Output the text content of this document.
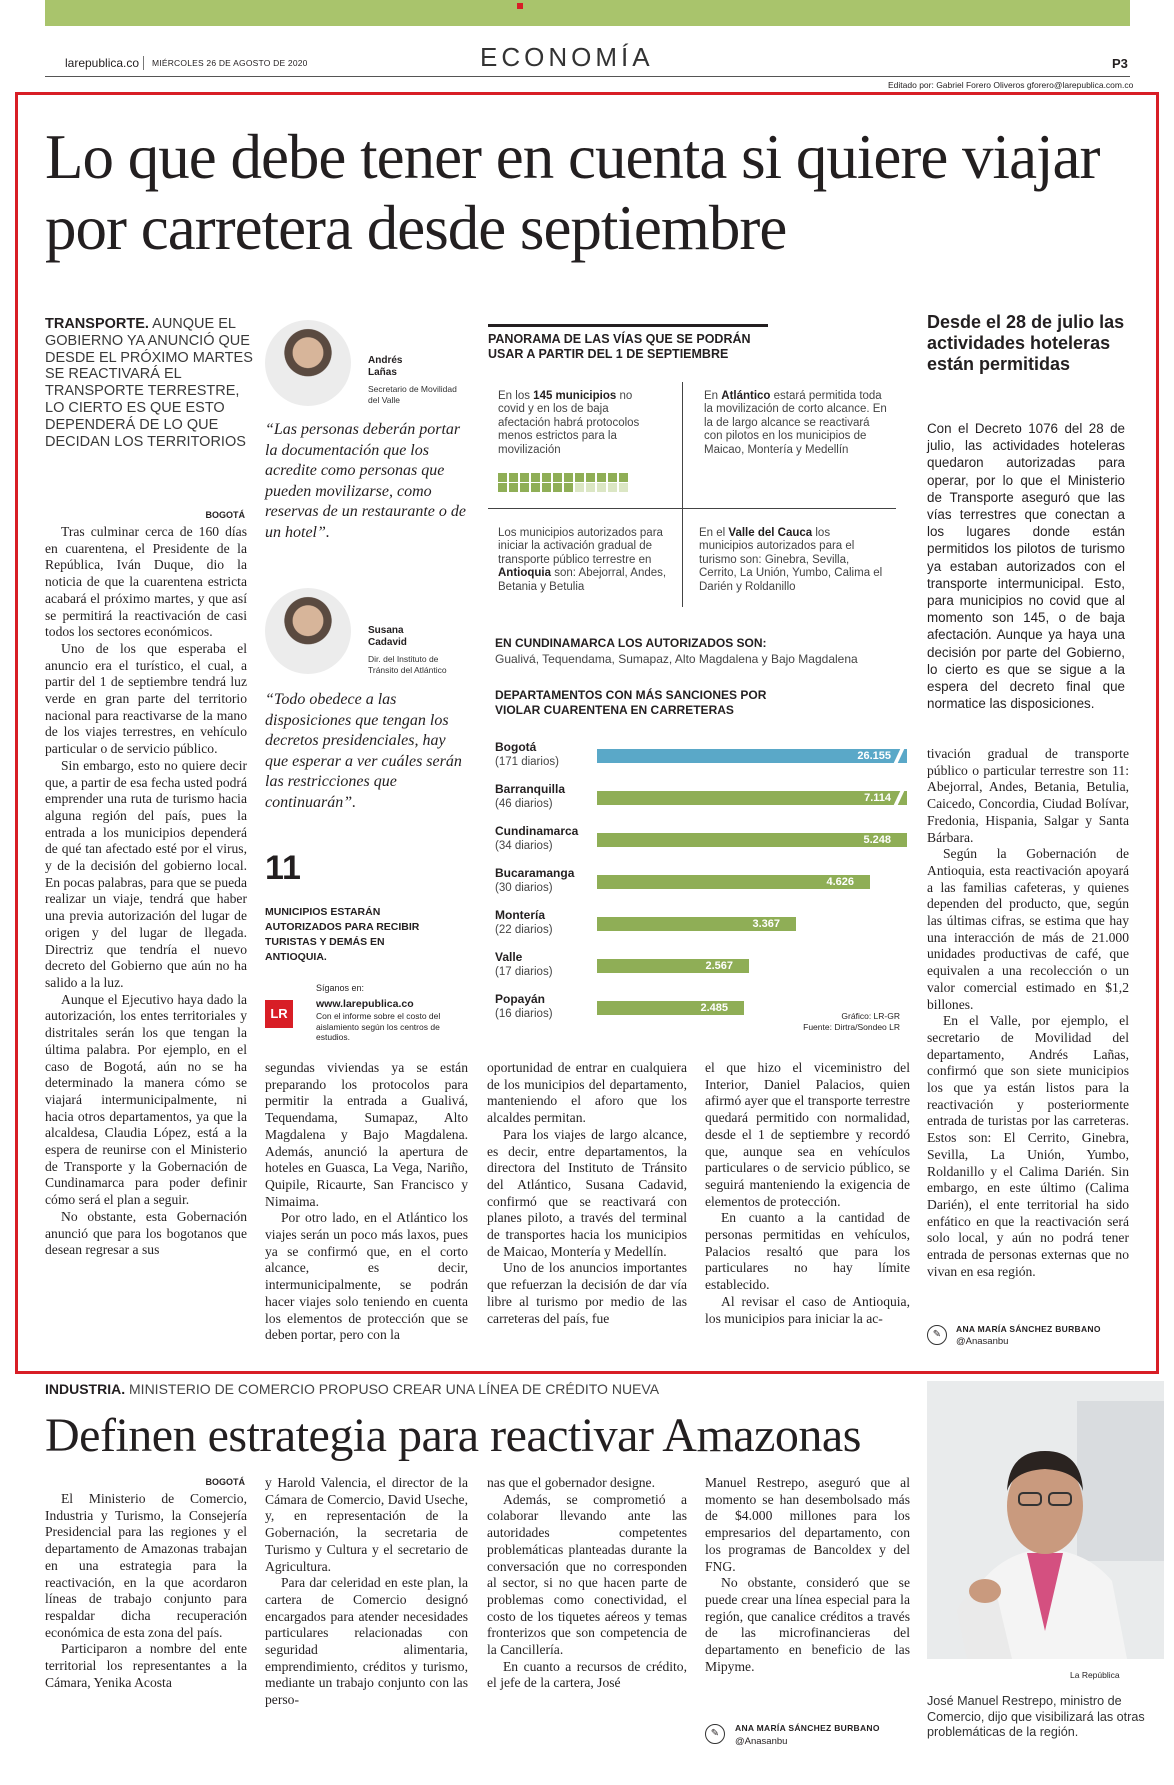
larepublica.co MIÉRCOLES 26 DE AGOSTO DE 2020	ECONOMÍA	P3
Editado por: Gabriel Forero Oliveros gforero@larepublica.com.co
Lo que debe tener en cuenta si quiere viajar por carretera desde septiembre
TRANSPORTE. AUNQUE EL GOBIERNO YA ANUNCIÓ QUE DESDE EL PRÓXIMO MARTES SE REACTIVARÁ EL TRANSPORTE TERRESTRE, LO CIERTO ES QUE ESTO DEPENDERÁ DE LO QUE DECIDAN LOS TERRITORIOS
BOGOTÁ

Tras culminar cerca de 160 días en cuarentena, el Presidente de la República, Iván Duque, dio la noticia de que la cuarentena estricta acabará el próximo martes, y que así se permitirá la reactivación de casi todos los sectores económicos.

Uno de los que esperaba el anuncio era el turístico, el cual, a partir del 1 de septiembre tendrá luz verde en gran parte del territorio nacional para reactivarse de la mano de los viajes terrestres, en vehículo particular o de servicio público.

Sin embargo, esto no quiere decir que, a partir de esa fecha usted podrá emprender una ruta de turismo hacia alguna región del país, pues la entrada a los municipios dependerá de qué tan afectado esté por el virus, y de la decisión del gobierno local. En pocas palabras, para que se pueda realizar un viaje, tendrá que haber una previa autorización del lugar de origen y del lugar de llegada. Directriz que tendría el nuevo decreto del Gobierno que aún no ha salido a la luz.

Aunque el Ejecutivo haya dado la autorización, los entes territoriales y distritales serán los que tengan la última palabra. Por ejemplo, en el caso de Bogotá, aún no se ha determinado la manera cómo se viajará intermunicipalmente, ni hacia otros departamentos, ya que la alcaldesa, Claudia López, está a la espera de reunirse con el Ministerio de Transporte y la Gobernación de Cundinamarca para poder definir cómo será el plan a seguir.

No obstante, esta Gobernación anunció que para los bogotanos que desean regresar a sus

Andrés Lañas
Secretario de Movilidad del Valle
“Las personas deberán portar la documentación que los acredite como personas que pueden movilizarse, como reservas de un restaurante o de un hotel”.
Susana Cadavid
Dir. del Instituto de Tránsito del Atlántico
“Todo obedece a las disposiciones que tengan los decretos presidenciales, hay que esperar a ver cuáles serán las restricciones que continuarán”.
11
MUNICIPIOS ESTARÁN AUTORIZADOS PARA RECIBIR TURISTAS Y DEMÁS EN ANTIOQUIA.
LR
Síganos en:
www.larepublica.co
Con el informe sobre el costo del aislamiento según los centros de estudios.

segundas viviendas ya se están preparando los protocolos para permitir la entrada a Gualivá, Tequendama, Sumapaz, Alto Magdalena y Bajo Magdalena. Además, anunció la apertura de hoteles en Guasca, La Vega, Nariño, Quipile, Ricaurte, San Francisco y Nimaima.

Por otro lado, en el Atlántico los viajes serán un poco más laxos, pues ya se confirmó que, en el corto alcance, es decir, intermunicipalmente, se podrán hacer viajes solo teniendo en cuenta los elementos de protección que se deben portar, pero con la

PANORAMA DE LAS VÍAS QUE SE PODRÁN USAR A PARTIR DEL 1 DE SEPTIEMBRE
En los 145 municipios no covid y en los de baja afectación habrá protocolos menos estrictos para la movilización

En Atlántico estará permitida toda la movilización de corto alcance. En la de largo alcance se reactivará con pilotos en los municipios de Maicao, Montería y Medellín
Los municipios autorizados para iniciar la activación gradual de transporte público terrestre en Antioquia son: Abejorral, Andes, Betania y Betulia
En el Valle del Cauca los municipios autorizados para el turismo son: Ginebra, Sevilla, Cerrito, La Unión, Yumbo, Calima el Darién y Roldanillo
EN CUNDINAMARCA LOS AUTORIZADOS SON:
Gualivá, Tequendama, Sumapaz, Alto Magdalena y Bajo Magdalena
DEPARTAMENTOS CON MÁS SANCIONES POR VIOLAR CUARENTENA EN CARRETERAS
Bogotá
(171 diarios)	26.155
Barranquilla
(46 diarios)	7.114
Cundinamarca
(34 diarios)	5.248
Bucaramanga
(30 diarios)	4.626
Montería
(22 diarios)	3.367
Valle
(17 diarios)	2.567
Popayán
(16 diarios)	2.485
Gráfico: LR-GR
Fuente: Dirtra/Sondeo LR

oportunidad de entrar en cualquiera de los municipios del departamento, manteniendo el aforo que los alcaldes permitan.

Para los viajes de largo alcance, es decir, entre departamentos, la directora del Instituto de Tránsito del Atlántico, Susana Cadavid, confirmó que se reactivará con planes piloto, a través del terminal de transportes hacia los municipios de Maicao, Montería y Medellín.

Uno de los anuncios importantes que refuerzan la decisión de dar vía libre al turismo por medio de las carreteras del país, fue

el que hizo el viceministro del Interior, Daniel Palacios, quien afirmó ayer que el transporte terrestre quedará permitido con normalidad, desde el 1 de septiembre y recordó que, aunque sea en vehículos particulares o de servicio público, se seguirá manteniendo la exigencia de elementos de protección.

En cuanto a la cantidad de personas permitidas en vehículos, Palacios resaltó que para los particulares no hay límite establecido.

Al revisar el caso de Antioquia, los municipios para iniciar la ac-

Desde el 28 de julio las actividades hoteleras están permitidas
Con el Decreto 1076 del 28 de julio, las actividades hoteleras quedaron autorizadas para operar, por lo que el Ministerio de Transporte aseguró que las vías terrestres que conectan a los lugares donde están permitidos los pilotos de turismo ya estaban autorizados con el transporte intermunicipal. Esto, para municipios no covid que al momento son 145, o de baja afectación. Aunque ya haya una decisión por parte del Gobierno, lo cierto es que se sigue a la espera del decreto final que normatice las disposiciones.

tivación gradual de transporte público o particular terrestre son 11: Abejorral, Andes, Betania, Betulia, Caicedo, Concordia, Ciudad Bolívar, Fredonia, Hispania, Salgar y Santa Bárbara.

Según la Gobernación de Antioquia, esta reactivación apoyará a las familias cafeteras, y quienes dependen del producto, que, según las últimas cifras, se estima que hay una interacción de más de 21.000 unidades productivas de café, que equivalen a una recolección o un valor comercial estimado en $1,2 billones.

En el Valle, por ejemplo, el secretario de Movilidad del departamento, Andrés Lañas, confirmó que son siete municipios los que ya están listos para la reactivación y posteriormente entrada de turistas por las carreteras. Estos son: El Cerrito, Ginebra, Sevilla, La Unión, Yumbo, Roldanillo y el Calima Darién. Sin embargo, en este último (Calima Darién), el ente territorial ha sido enfático en que la reactivación será solo local, y aún no podrá tener entrada de personas externas que no vivan en esa región.

✎	ANA MARÍA SÁNCHEZ BURBANO
@Anasanbu
INDUSTRIA. MINISTERIO DE COMERCIO PROPUSO CREAR UNA LÍNEA DE CRÉDITO NUEVA
Definen estrategia para reactivar Amazonas
BOGOTÁ

El Ministerio de Comercio, Industria y Turismo, la Consejería Presidencial para las regiones y el departamento de Amazonas trabajan en una estrategia para la reactivación, en la que acordaron líneas de trabajo conjunto para respaldar dicha recuperación económica de esta zona del país.

Participaron a nombre del ente territorial los representantes a la Cámara, Yenika Acosta

y Harold Valencia, el director de la Cámara de Comercio, David Useche, y, en representación de la Gobernación, la secretaria de Turismo y Cultura y el secretario de Agricultura.

Para dar celeridad en este plan, la cartera de Comercio designó encargados para atender necesidades particulares relacionadas con seguridad alimentaria, emprendimiento, créditos y turismo, mediante un trabajo conjunto con las perso-

nas que el gobernador designe.

Además, se comprometió a colaborar llevando ante las autoridades competentes problemáticas planteadas durante la conversación que no corresponden al sector, si no que hacen parte de problemas como conectividad, el costo de los tiquetes aéreos y temas fronterizos que son competencia de la Cancillería.

En cuanto a recursos de crédito, el jefe de la cartera, José

Manuel Restrepo, aseguró que al momento se han desembolsado más de $4.000 millones para los empresarios del departamento, con los programas de Bancoldex y del FNG.

No obstante, consideró que se puede crear una línea especial para la región, que canalice créditos a través de las microfinancieras del departamento en beneficio de las Mipyme.

✎	ANA MARÍA SÁNCHEZ BURBANO
@Anasanbu
La República
José Manuel Restrepo, ministro de Comercio, dijo que visibilizará las otras problemáticas de la región.
